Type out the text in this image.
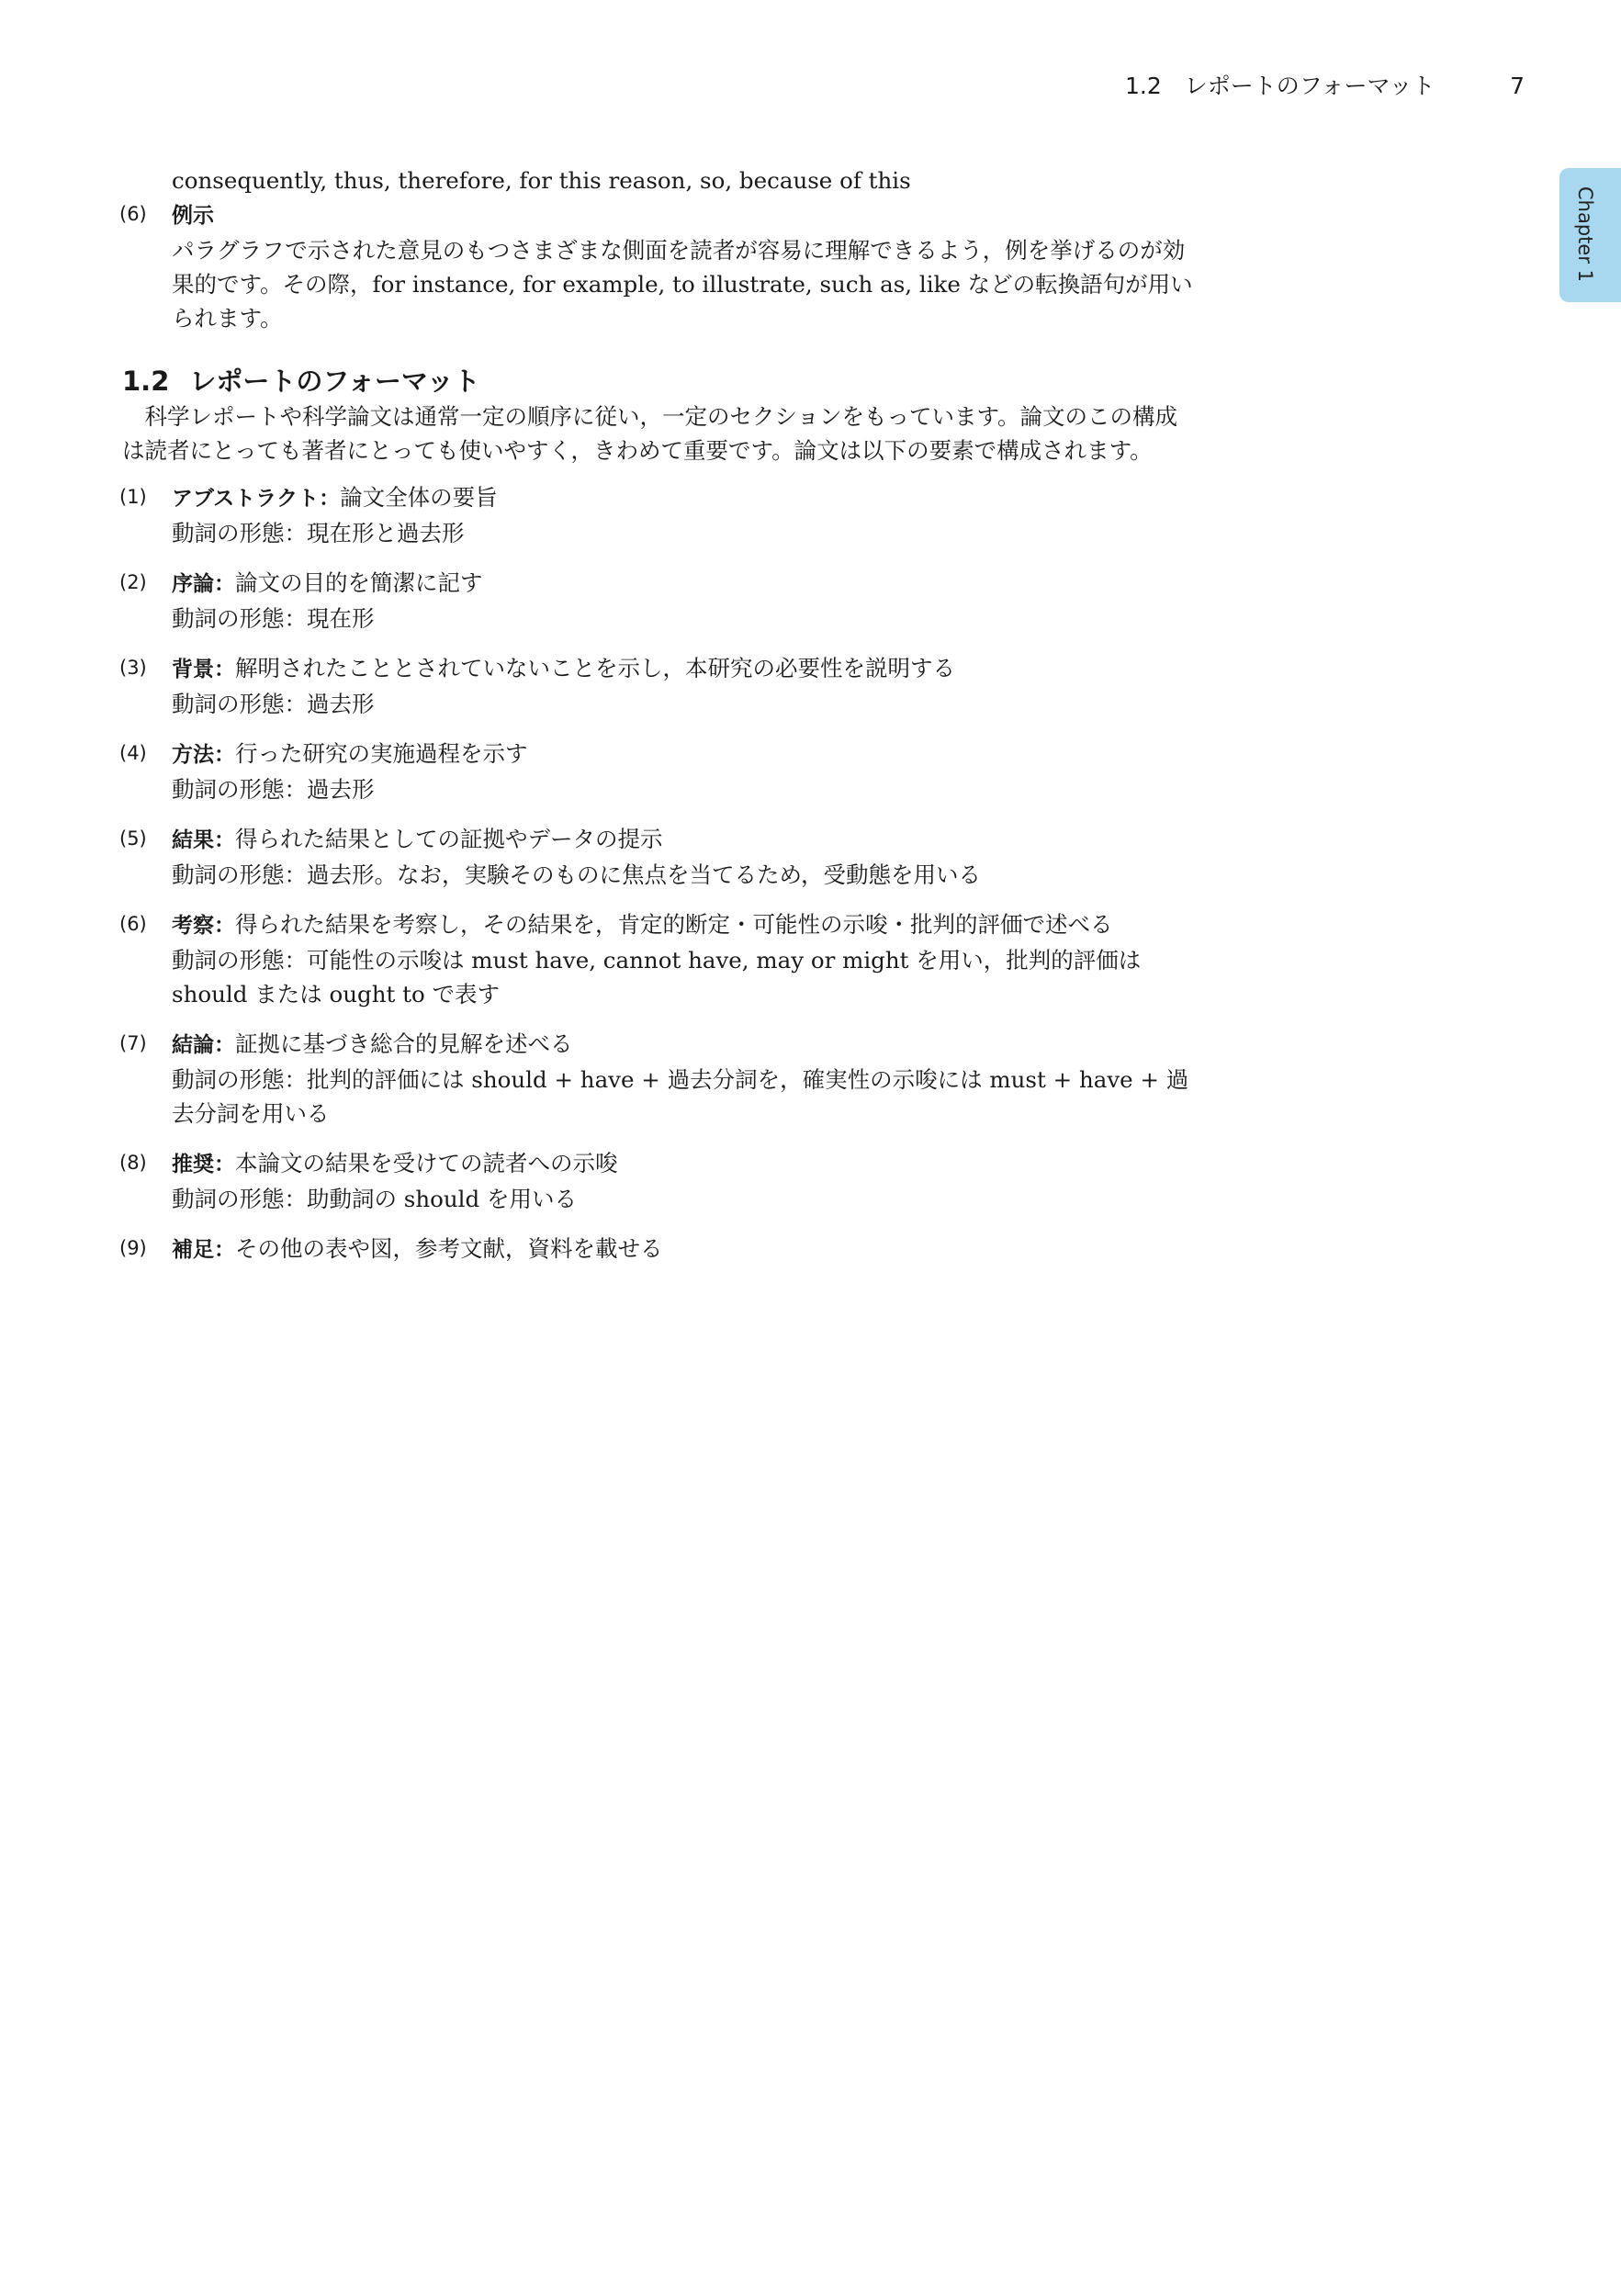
1.2　レポートのフォーマット	7
Chapter 1

consequently, thus, therefore, for this reason, so, because of this

(6) 例示

パラグラフで示された意見のもつさまざまな側面を読者が容易に理解できるよう，例を挙げるのが効果的です。その際，for instance, for example, to illustrate, such as, like などの転換語句が用いられます。

1.2 レポートのフォーマット

科学レポートや科学論文は通常一定の順序に従い，一定のセクションをもっています。論文のこの構成は読者にとっても著者にとっても使いやすく，きわめて重要です。論文は以下の要素で構成されます。

(1) アブストラクト：論文全体の要旨

動詞の形態：現在形と過去形

(2) 序論：論文の目的を簡潔に記す

動詞の形態：現在形

(3) 背景：解明されたこととされていないことを示し，本研究の必要性を説明する

動詞の形態：過去形

(4) 方法：行った研究の実施過程を示す

動詞の形態：過去形

(5) 結果：得られた結果としての証拠やデータの提示

動詞の形態：過去形。なお，実験そのものに焦点を当てるため，受動態を用いる

(6) 考察：得られた結果を考察し，その結果を，肯定的断定・可能性の示唆・批判的評価で述べる

動詞の形態：可能性の示唆は must have, cannot have, may or might を用い，批判的評価は should または ought to で表す

(7) 結論：証拠に基づき総合的見解を述べる

動詞の形態：批判的評価には should + have + 過去分詞を，確実性の示唆には must + have + 過去分詞を用いる

(8) 推奨：本論文の結果を受けての読者への示唆

動詞の形態：助動詞の should を用いる

(9) 補足：その他の表や図，参考文献，資料を載せる
